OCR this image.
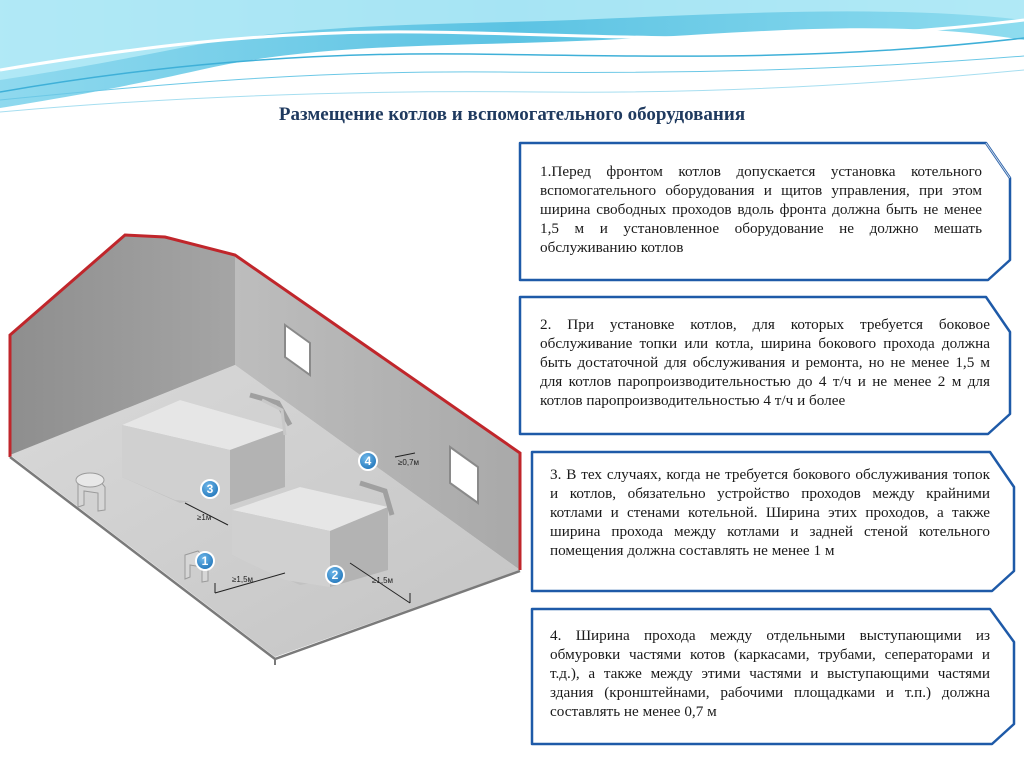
Размещение котлов и вспомогательного оборудования
≥1м
≥1,5м	≥1,5м
≥0,7м
1
2
3
4
1.Перед фронтом котлов допускается установка котельного вспомогательного оборудования и щитов управления, при этом ширина свободных проходов вдоль фронта должна быть не менее 1,5 м и установленное оборудование не должно мешать обслуживанию котлов
2. При установке котлов, для которых требуется боковое обслуживание топки или котла, ширина бокового прохода должна быть достаточной для обслуживания и ремонта, но не менее 1,5 м для котлов паропроизводительностью до 4 т/ч и не менее 2 м для котлов паропроизводительностью 4 т/ч и более
3. В тех случаях, когда не требуется бокового обслуживания топок и котлов, обязательно устройство проходов между крайними котлами и стенами котельной. Ширина этих проходов, а также ширина прохода между котлами и задней стеной котельного помещения должна составлять не менее 1 м
4. Ширина прохода между отдельными выступающими из обмуровки частями котов (каркасами, трубами, сеператорами и т.д.), а также между этими частями и выступающими частями здания (кронштейнами, рабочими площадками и т.п.) должна составлять не менее 0,7 м
